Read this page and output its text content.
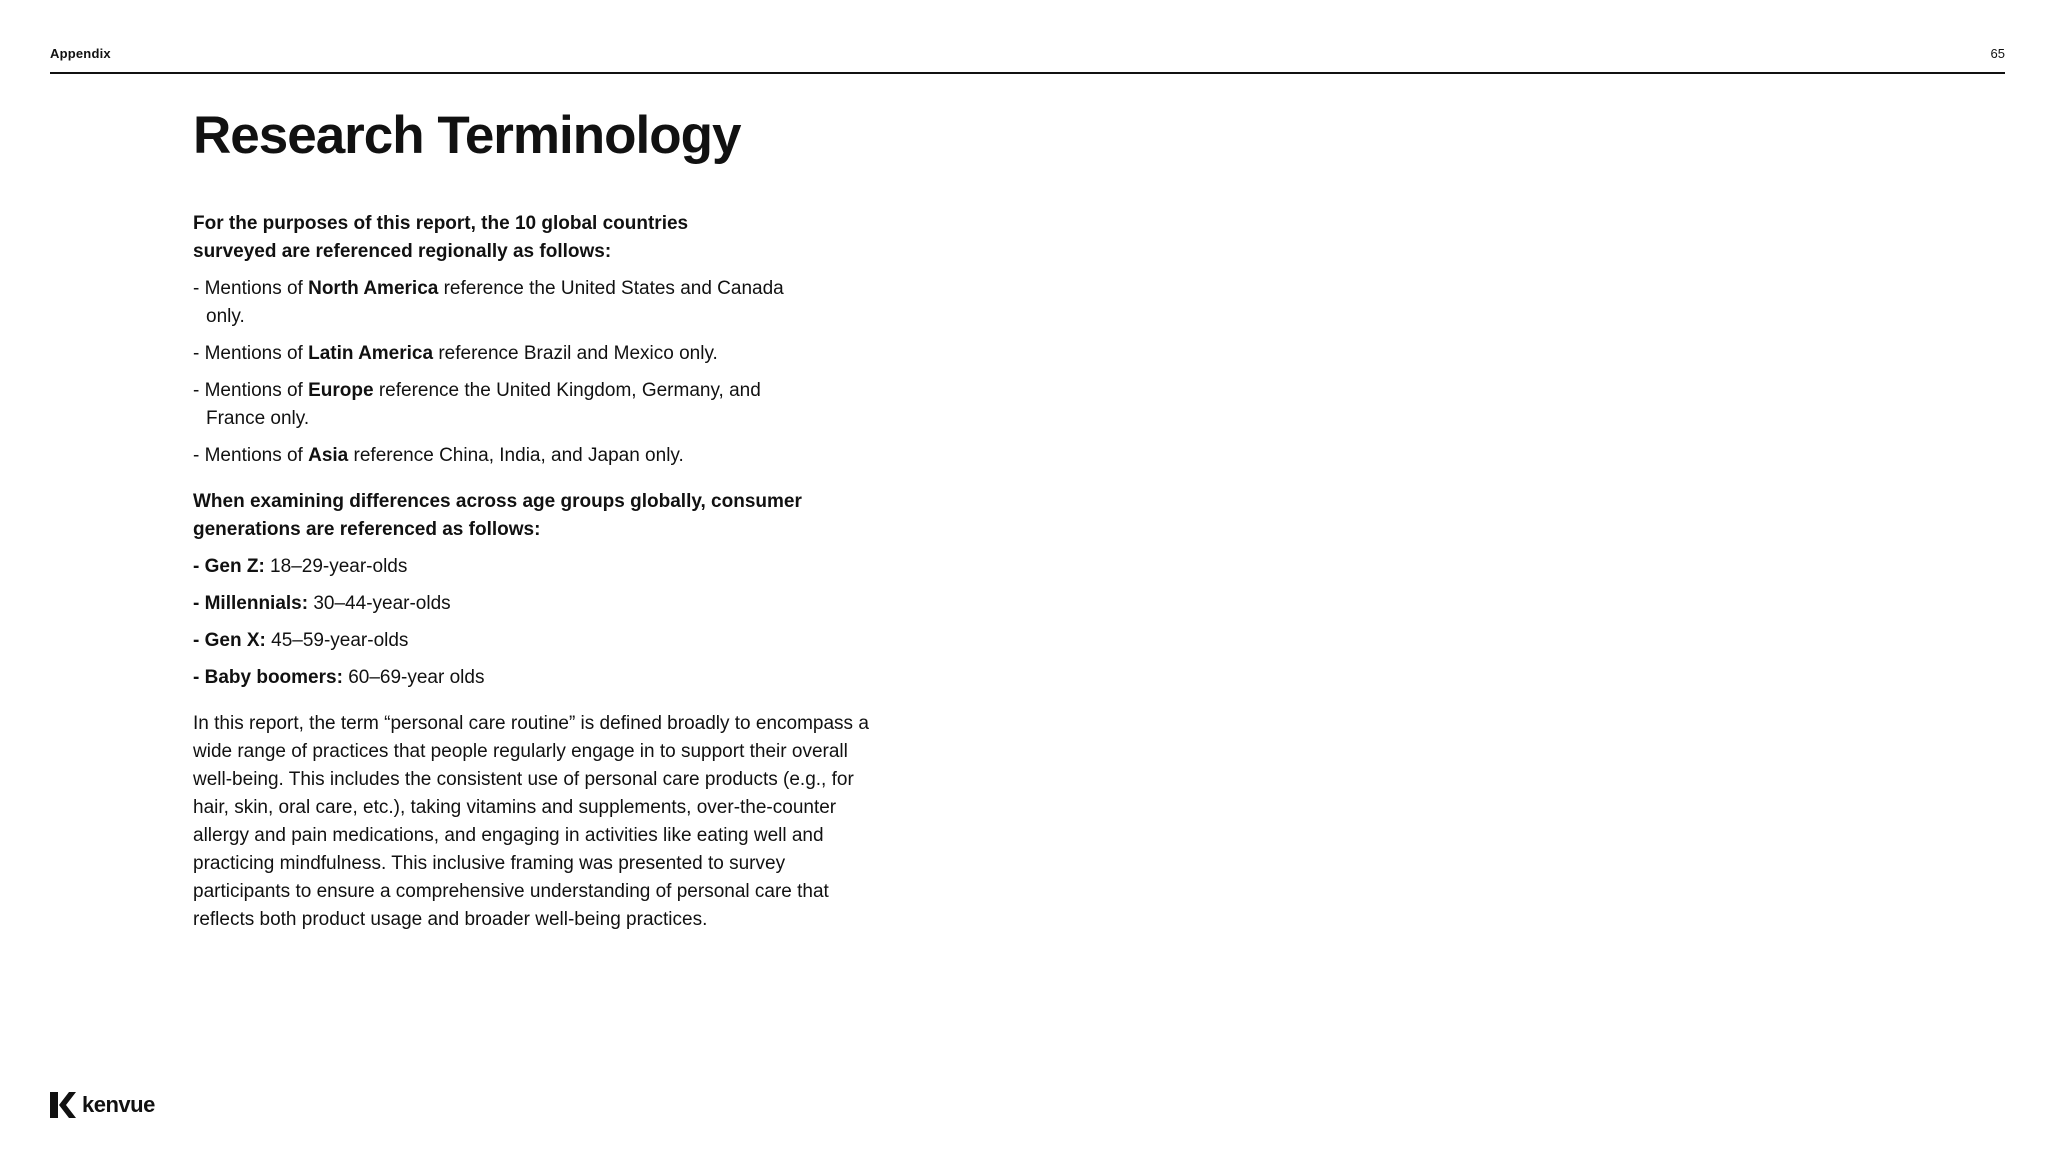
Appendix	65
Research Terminology

For the purposes of this report, the 10 global countries surveyed are referenced regionally as follows:

- Mentions of North America reference the United States and Canada only.
- Mentions of Latin America reference Brazil and Mexico only.
- Mentions of Europe reference the United Kingdom, Germany, and France only.
- Mentions of Asia reference China, India, and Japan only.

When examining differences across age groups globally, consumer generations are referenced as follows:

- Gen Z: 18–29-year-olds
- Millennials: 30–44-year-olds
- Gen X: 45–59-year-olds
- Baby boomers: 60–69-year olds

In this report, the term “personal care routine” is defined broadly to encompass a wide range of practices that people regularly engage in to support their overall well-being. This includes the consistent use of personal care products (e.g., for hair, skin, oral care, etc.), taking vitamins and supplements, over-the-counter allergy and pain medications, and engaging in activities like eating well and practicing mindfulness. This inclusive framing was presented to survey participants to ensure a comprehensive understanding of personal care that reflects both product usage and broader well-being practices.

kenvue
